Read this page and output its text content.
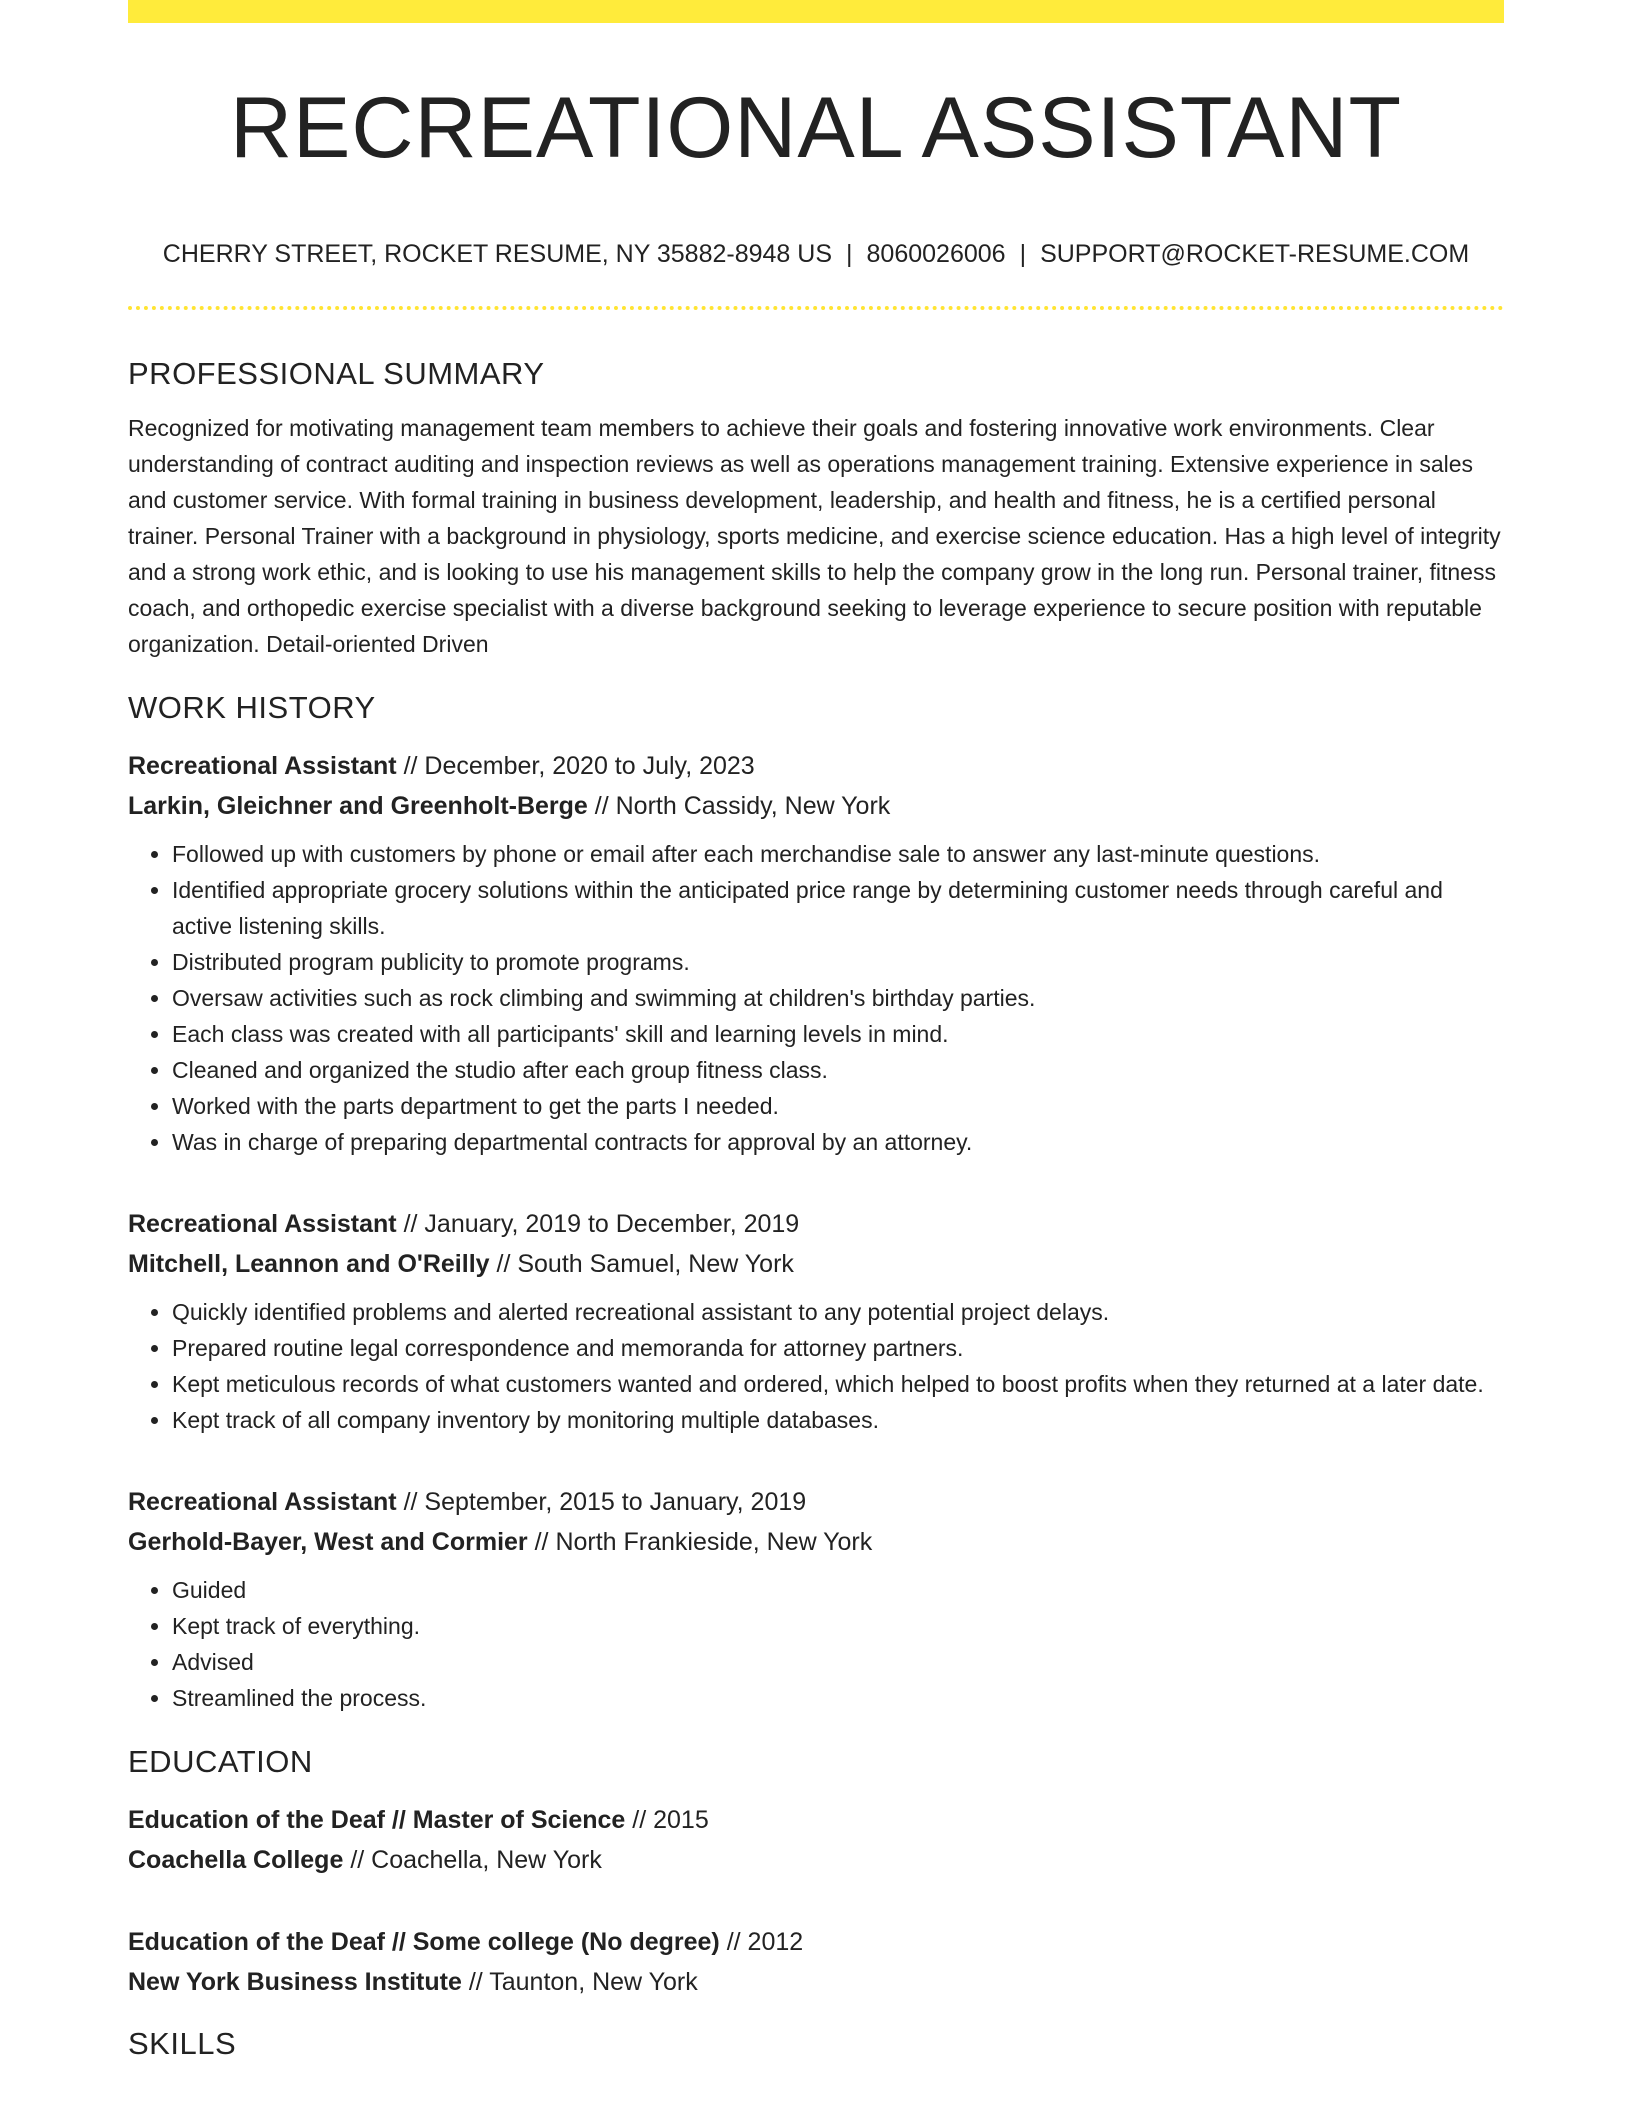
RECREATIONAL ASSISTANT
CHERRY STREET, ROCKET RESUME, NY 35882-8948 US | 8060026006 | SUPPORT@ROCKET-RESUME.COM
PROFESSIONAL SUMMARY

Recognized for motivating management team members to achieve their goals and fostering innovative work environments. Clear understanding of contract auditing and inspection reviews as well as operations management training. Extensive experience in sales and customer service. With formal training in business development, leadership, and health and fitness, he is a certified personal trainer. Personal Trainer with a background in physiology, sports medicine, and exercise science education. Has a high level of integrity and a strong work ethic, and is looking to use his management skills to help the company grow in the long run. Personal trainer, fitness coach, and orthopedic exercise specialist with a diverse background seeking to leverage experience to secure position with reputable organization. Detail-oriented Driven

WORK HISTORY
Recreational Assistant // December, 2020 to July, 2023
Larkin, Gleichner and Greenholt-Berge // North Cassidy, New York
• Followed up with customers by phone or email after each merchandise sale to answer any last-minute questions.
• Identified appropriate grocery solutions within the anticipated price range by determining customer needs through careful and active listening skills.
• Distributed program publicity to promote programs.
• Oversaw activities such as rock climbing and swimming at children's birthday parties.
• Each class was created with all participants' skill and learning levels in mind.
• Cleaned and organized the studio after each group fitness class.
• Worked with the parts department to get the parts I needed.
• Was in charge of preparing departmental contracts for approval by an attorney.
Recreational Assistant // January, 2019 to December, 2019
Mitchell, Leannon and O'Reilly // South Samuel, New York
• Quickly identified problems and alerted recreational assistant to any potential project delays.
• Prepared routine legal correspondence and memoranda for attorney partners.
• Kept meticulous records of what customers wanted and ordered, which helped to boost profits when they returned at a later date.
• Kept track of all company inventory by monitoring multiple databases.
Recreational Assistant // September, 2015 to January, 2019
Gerhold-Bayer, West and Cormier // North Frankieside, New York
• Guided
• Kept track of everything.
• Advised
• Streamlined the process.
EDUCATION
Education of the Deaf // Master of Science // 2015
Coachella College // Coachella, New York
Education of the Deaf // Some college (No degree) // 2012
New York Business Institute // Taunton, New York
SKILLS
